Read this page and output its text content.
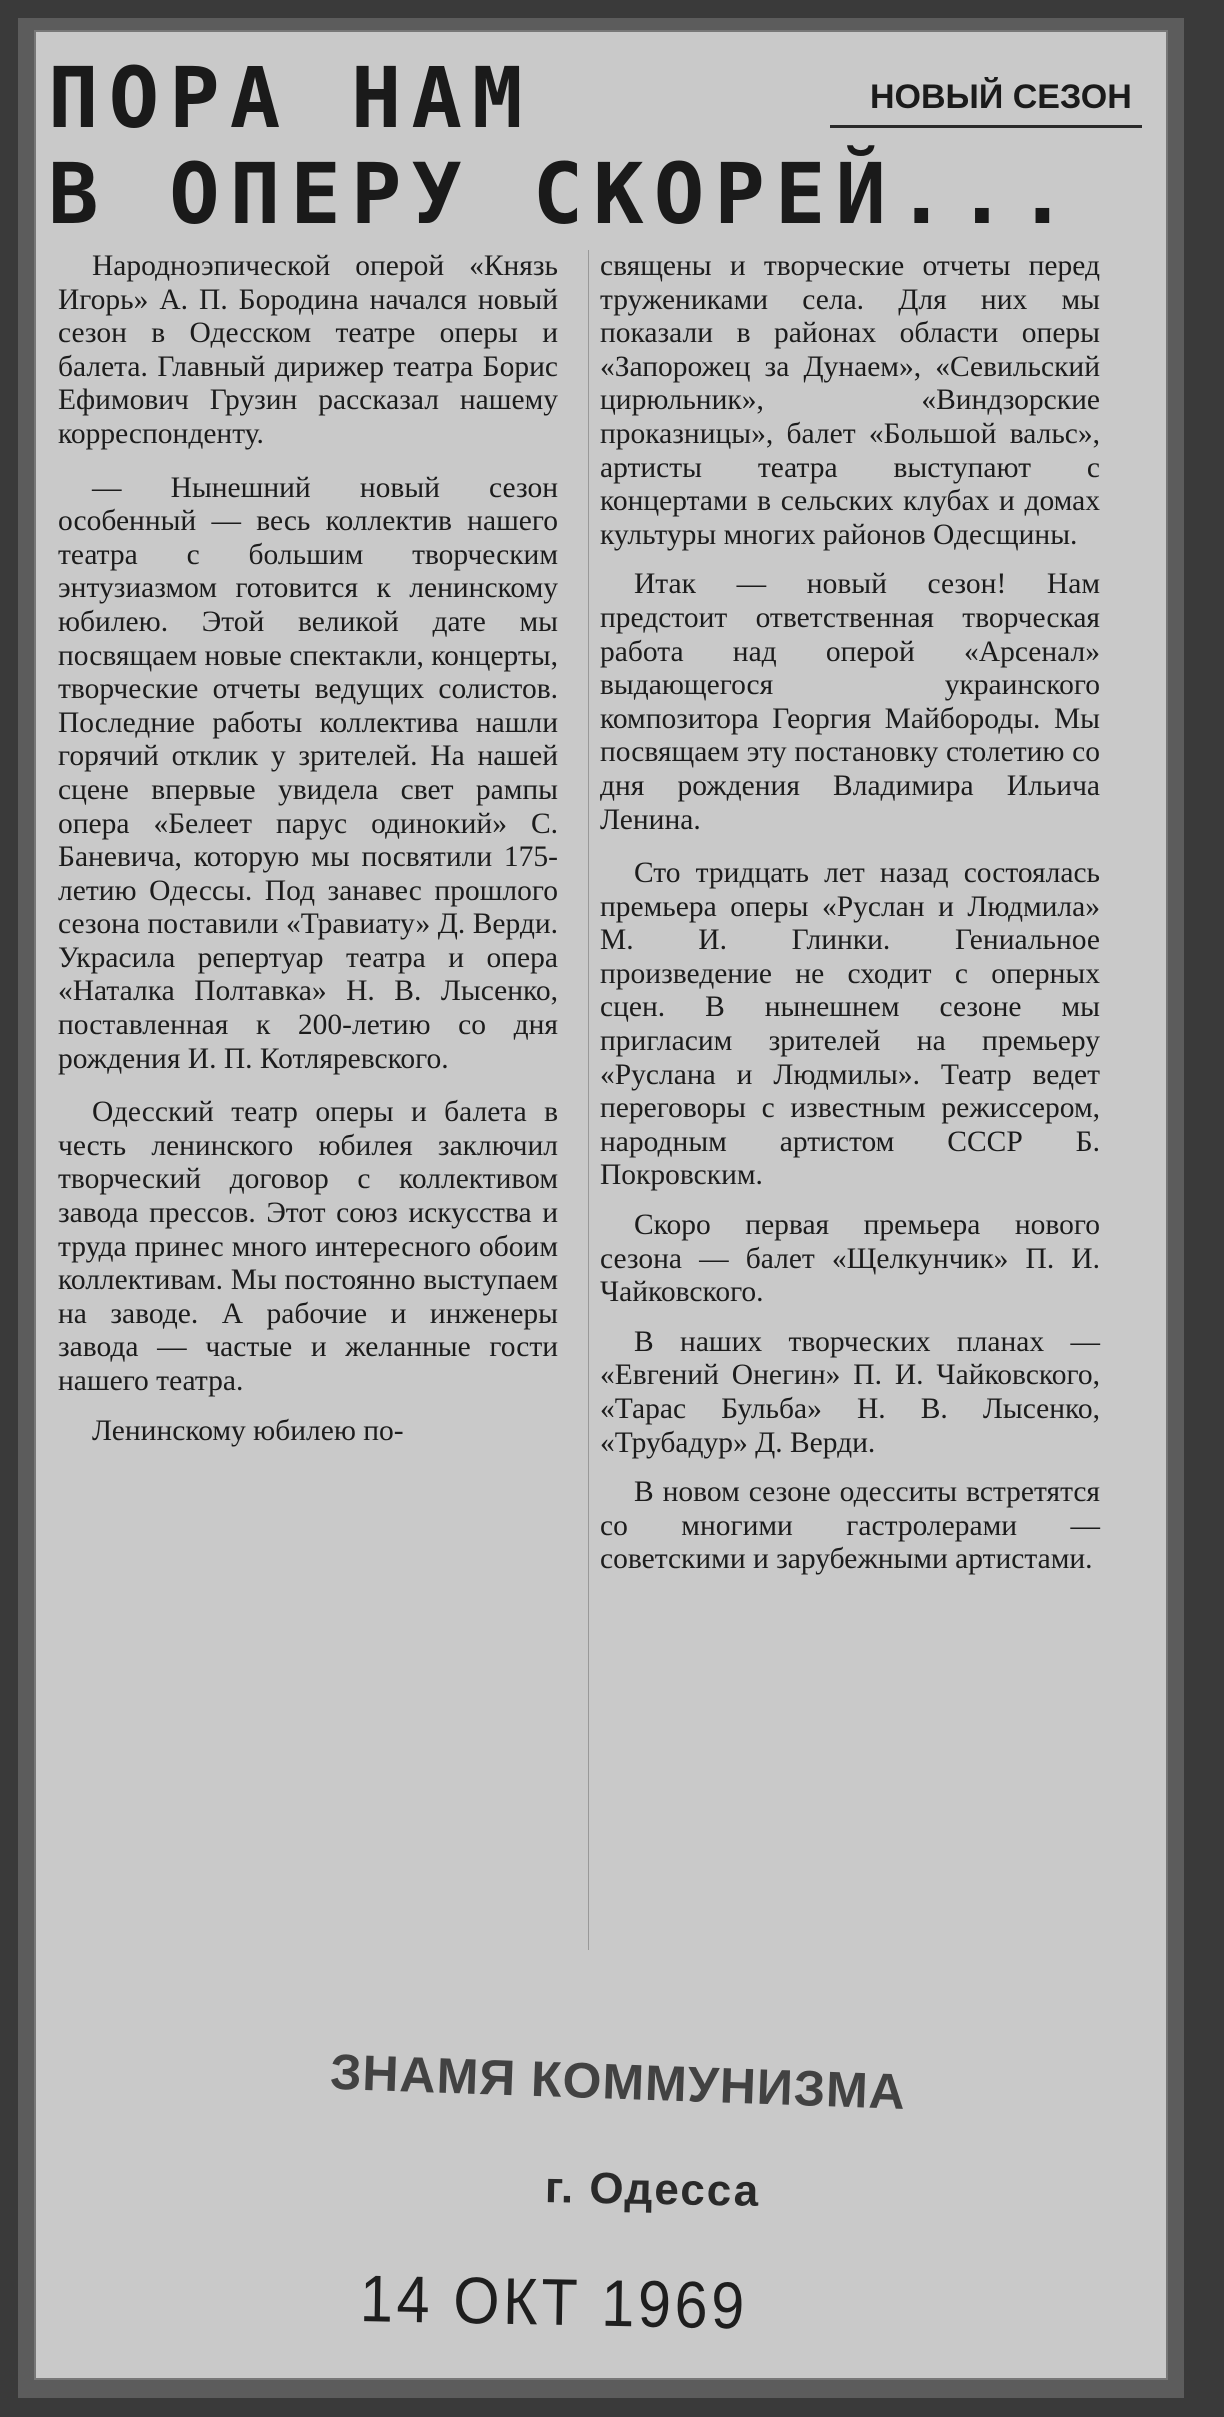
ПОРА НАМ
В ОПЕРУ СКОРЕЙ...
НОВЫЙ СЕЗОН

Народноэпической оперой «Князь Игорь» А. П. Бородина начался новый сезон в Одесском театре оперы и балета. Главный дирижер театра Борис Ефимович Грузин рассказал нашему корреспонденту.

— Нынешний новый сезон особенный — весь коллектив нашего театра с большим творческим энтузиазмом готовится к ленинскому юбилею. Этой великой дате мы посвящаем новые спектакли, концерты, творческие отчеты ведущих солистов. Последние работы коллектива нашли горячий отклик у зрителей. На нашей сцене впервые увидела свет рампы опера «Белеет парус одинокий» С. Баневича, которую мы посвятили 175-летию Одессы. Под занавес прошлого сезона поставили «Травиату» Д. Верди. Украсила репертуар театра и опера «Наталка Полтавка» Н. В. Лысенко, поставленная к 200-летию со дня рождения И. П. Котляревского.

Одесский театр оперы и балета в честь ленинского юбилея заключил творческий договор с коллективом завода прессов. Этот союз искусства и труда принес много интересного обоим коллективам. Мы постоянно выступаем на заводе. А рабочие и инженеры завода — частые и желанные гости нашего театра.

Ленинскому юбилею по-

священы и творческие отчеты перед тружениками села. Для них мы показали в районах области оперы «Запорожец за Дунаем», «Севильский цирюльник», «Виндзорские проказницы», балет «Большой вальс», артисты театра выступают с концертами в сельских клубах и домах культуры многих районов Одесщины.

Итак — новый сезон! Нам предстоит ответственная творческая работа над оперой «Арсенал» выдающегося украинского композитора Георгия Майбороды. Мы посвящаем эту постановку столетию со дня рождения Владимира Ильича Ленина.

Сто тридцать лет назад состоялась премьера оперы «Руслан и Людмила» М. И. Глинки. Гениальное произведение не сходит с оперных сцен. В нынешнем сезоне мы пригласим зрителей на премьеру «Руслана и Людмилы». Театр ведет переговоры с известным режиссером, народным артистом СССР Б. Покровским.

Скоро первая премьера нового сезона — балет «Щелкунчик» П. И. Чайковского.

В наших творческих планах — «Евгений Онегин» П. И. Чайковского, «Тарас Бульба» Н. В. Лысенко, «Трубадур» Д. Верди.

В новом сезоне одесситы встретятся со многими гастролерами — советскими и зарубежными артистами.

ЗНАМЯ КОММУНИЗМА
г. Одесса
14 ОКТ 1969
